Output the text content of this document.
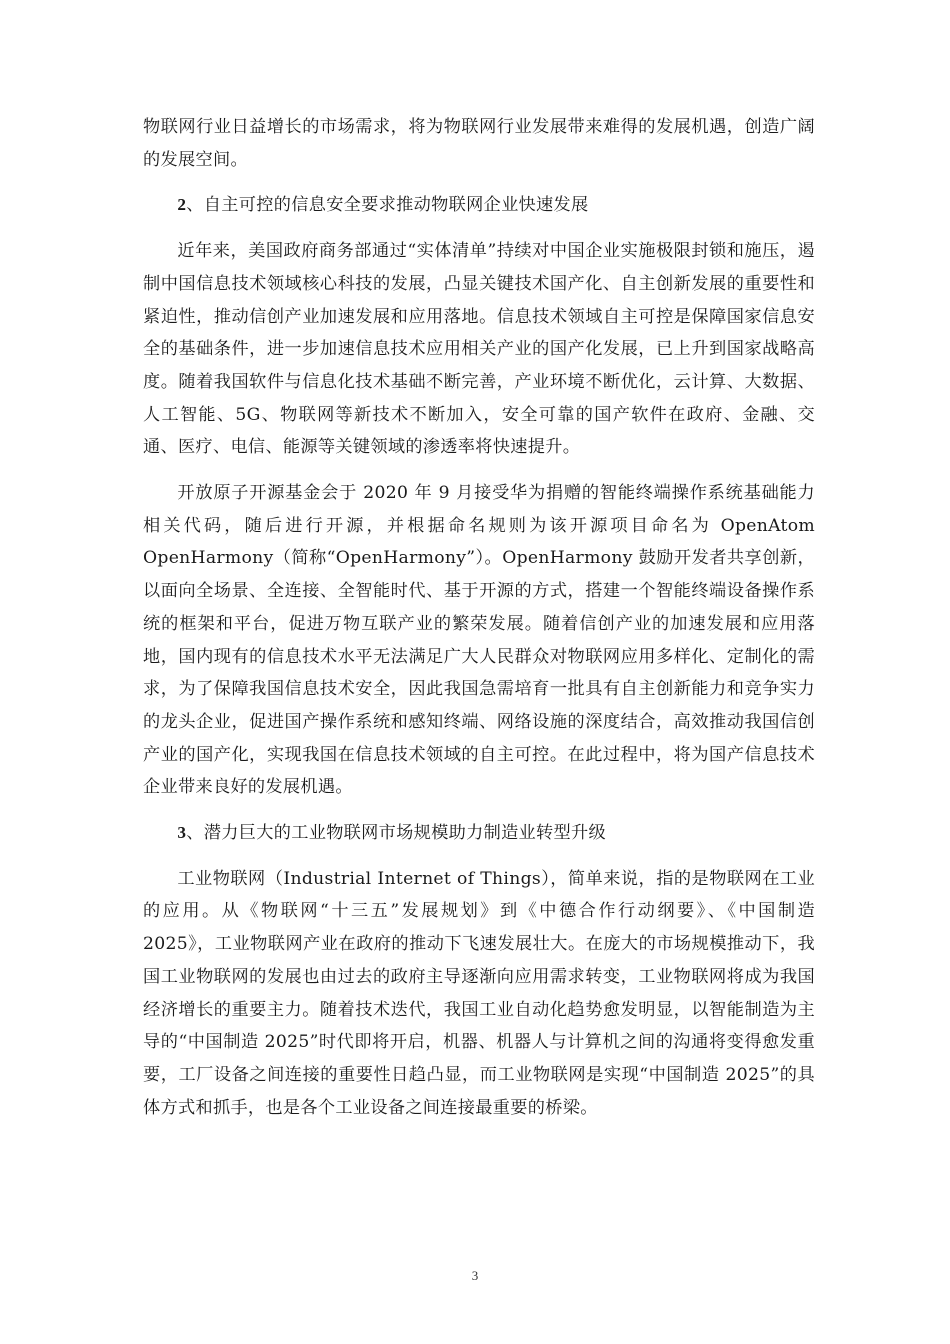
物联网行业日益增长的市场需求，将为物联网行业发展带来难得的发展机遇，创造广阔的发展空间。

2、自主可控的信息安全要求推动物联网企业快速发展

近年来，美国政府商务部通过“实体清单”持续对中国企业实施极限封锁和施压，遏制中国信息技术领域核心科技的发展，凸显关键技术国产化、自主创新发展的重要性和紧迫性，推动信创产业加速发展和应用落地。信息技术领域自主可控是保障国家信息安全的基础条件，进一步加速信息技术应用相关产业的国产化发展，已上升到国家战略高度。随着我国软件与信息化技术基础不断完善，产业环境不断优化，云计算、大数据、人工智能、5G、物联网等新技术不断加入，安全可靠的国产软件在政府、金融、交通、医疗、电信、能源等关键领域的渗透率将快速提升。

开放原子开源基金会于 2020 年 9 月接受华为捐赠的智能终端操作系统基础能力相关代码，随后进行开源，并根据命名规则为该开源项目命名为 OpenAtom OpenHarmony（简称“OpenHarmony”）。OpenHarmony 鼓励开发者共享创新，以面向全场景、全连接、全智能时代、基于开源的方式，搭建一个智能终端设备操作系统的框架和平台，促进万物互联产业的繁荣发展。随着信创产业的加速发展和应用落地，国内现有的信息技术水平无法满足广大人民群众对物联网应用多样化、定制化的需求，为了保障我国信息技术安全，因此我国急需培育一批具有自主创新能力和竞争实力的龙头企业，促进国产操作系统和感知终端、网络设施的深度结合，高效推动我国信创产业的国产化，实现我国在信息技术领域的自主可控。在此过程中，将为国产信息技术企业带来良好的发展机遇。

3、潜力巨大的工业物联网市场规模助力制造业转型升级

工业物联网（Industrial Internet of Things），简单来说，指的是物联网在工业的应用。从《物联网“十三五”发展规划》到《中德合作行动纲要》、《中国制造 2025》，工业物联网产业在政府的推动下飞速发展壮大。在庞大的市场规模推动下，我国工业物联网的发展也由过去的政府主导逐渐向应用需求转变，工业物联网将成为我国经济增长的重要主力。随着技术迭代，我国工业自动化趋势愈发明显，以智能制造为主导的“中国制造 2025”时代即将开启，机器、机器人与计算机之间的沟通将变得愈发重要，工厂设备之间连接的重要性日趋凸显，而工业物联网是实现“中国制造 2025”的具体方式和抓手，也是各个工业设备之间连接最重要的桥梁。

3
